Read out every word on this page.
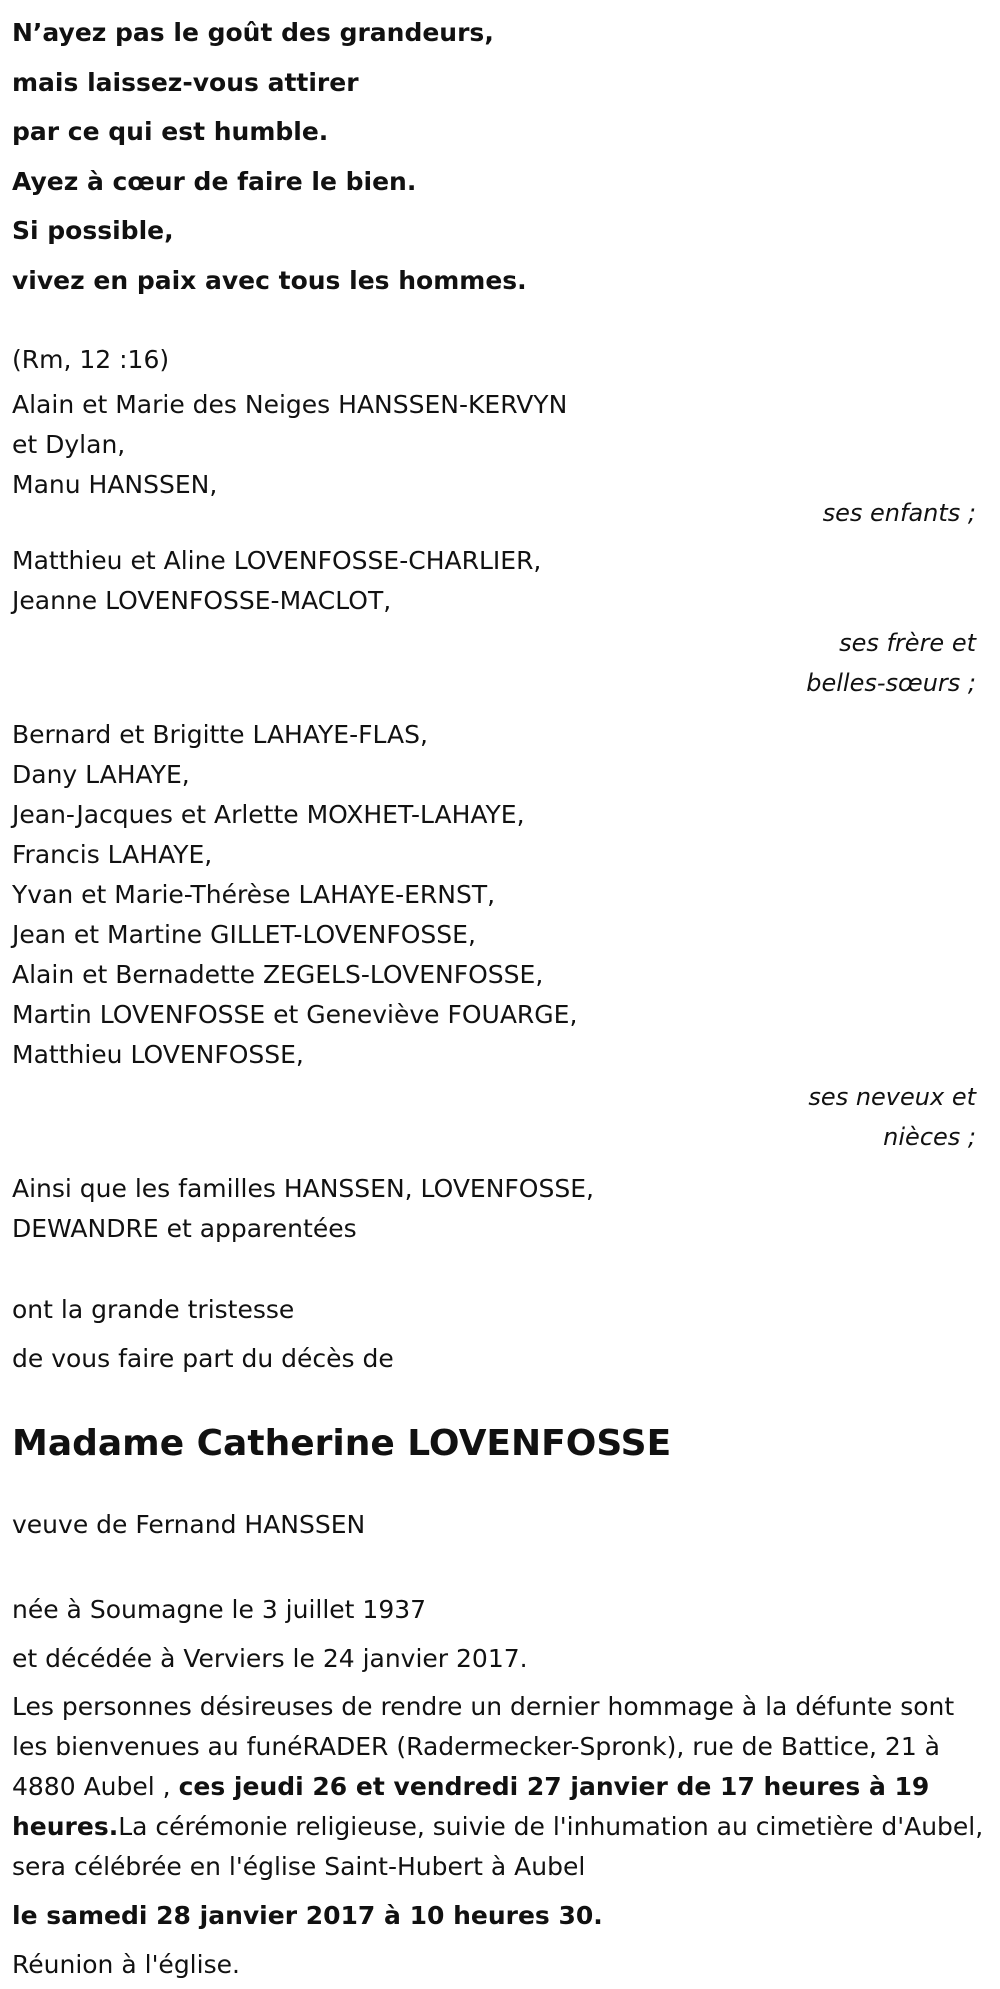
N’ayez pas le goût des grandeurs,

mais laissez-vous attirer

par ce qui est humble.

Ayez à cœur de faire le bien.

Si possible,

vivez en paix avec tous les hommes.

(Rm, 12 :16)
Alain et Marie des Neiges HANSSEN-KERVYN
et Dylan,
Manu HANSSEN,
ses enfants ;
Matthieu et Aline LOVENFOSSE-CHARLIER,
Jeanne LOVENFOSSE-MACLOT,
ses frère et
belles-sœurs ;
Bernard et Brigitte LAHAYE-FLAS,
Dany LAHAYE,
Jean-Jacques et Arlette MOXHET-LAHAYE,
Francis LAHAYE,
Yvan et Marie-Thérèse LAHAYE-ERNST,
Jean et Martine GILLET-LOVENFOSSE,
Alain et Bernadette ZEGELS-LOVENFOSSE,
Martin LOVENFOSSE et Geneviève FOUARGE,
Matthieu LOVENFOSSE,
ses neveux et
nièces ;
Ainsi que les familles HANSSEN, LOVENFOSSE,
DEWANDRE et apparentées
ont la grande tristesse
de vous faire part du décès de
Madame Catherine LOVENFOSSE
veuve de Fernand HANSSEN
née à Soumagne le 3 juillet 1937
et décédée à Verviers le 24 janvier 2017.
Les personnes désireuses de rendre un dernier hommage à la défunte sont les bienvenues au funéRADER (Radermecker-Spronk), rue de Battice, 21 à 4880 Aubel , ces jeudi 26 et vendredi 27 janvier de 17 heures à 19 heures.La cérémonie religieuse, suivie de l'inhumation au cimetière d'Aubel, sera célébrée en l'église Saint-Hubert à Aubel
le samedi 28 janvier 2017 à 10 heures 30.
Réunion à l'église.
